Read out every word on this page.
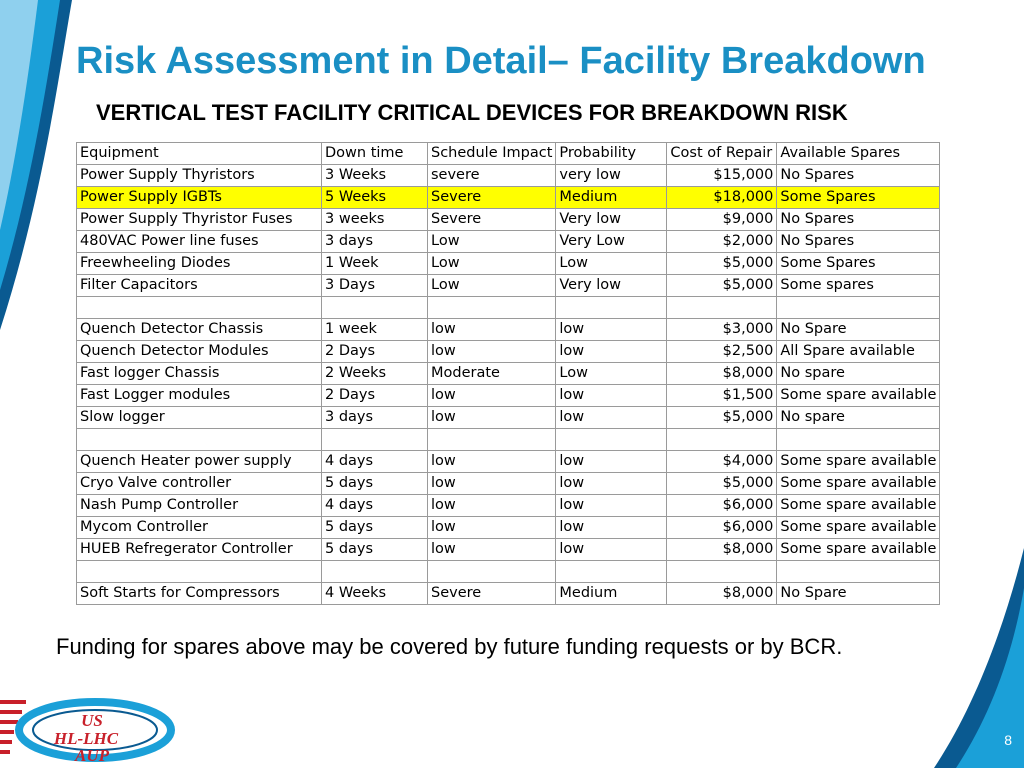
Risk Assessment in Detail– Facility Breakdown
VERTICAL TEST FACILITY CRITICAL DEVICES FOR BREAKDOWN RISK
Equipment	Down time	Schedule Impact	Probability	Cost of Repair	Available Spares
Power Supply Thyristors	3 Weeks	severe	very low	$15,000	No Spares
Power Supply IGBTs	5 Weeks	Severe	Medium	$18,000	Some Spares
Power Supply Thyristor Fuses	3 weeks	Severe	Very low	$9,000	No Spares
480VAC Power line fuses	3 days	Low	Very Low	$2,000	No Spares
Freewheeling Diodes	1 Week	Low	Low	$5,000	Some Spares
Filter Capacitors	3 Days	Low	Very low	$5,000	Some spares

Quench Detector Chassis	1 week	low	low	$3,000	No Spare
Quench Detector Modules	2 Days	low	low	$2,500	All Spare available
Fast logger Chassis	2 Weeks	Moderate	Low	$8,000	No spare
Fast Logger modules	2 Days	low	low	$1,500	Some spare available
Slow logger	3 days	low	low	$5,000	No spare

Quench Heater power supply	4 days	low	low	$4,000	Some spare available
Cryo Valve controller	5 days	low	low	$5,000	Some spare available
Nash Pump Controller	4 days	low	low	$6,000	Some spare available
Mycom Controller	5 days	low	low	$6,000	Some spare available
HUEB Refregerator Controller	5 days	low	low	$8,000	Some spare available

Soft Starts for Compressors	4 Weeks	Severe	Medium	$8,000	No Spare

Funding for spares above may be covered by future funding requests or by BCR.

US
HL-LHC
AUP
8
